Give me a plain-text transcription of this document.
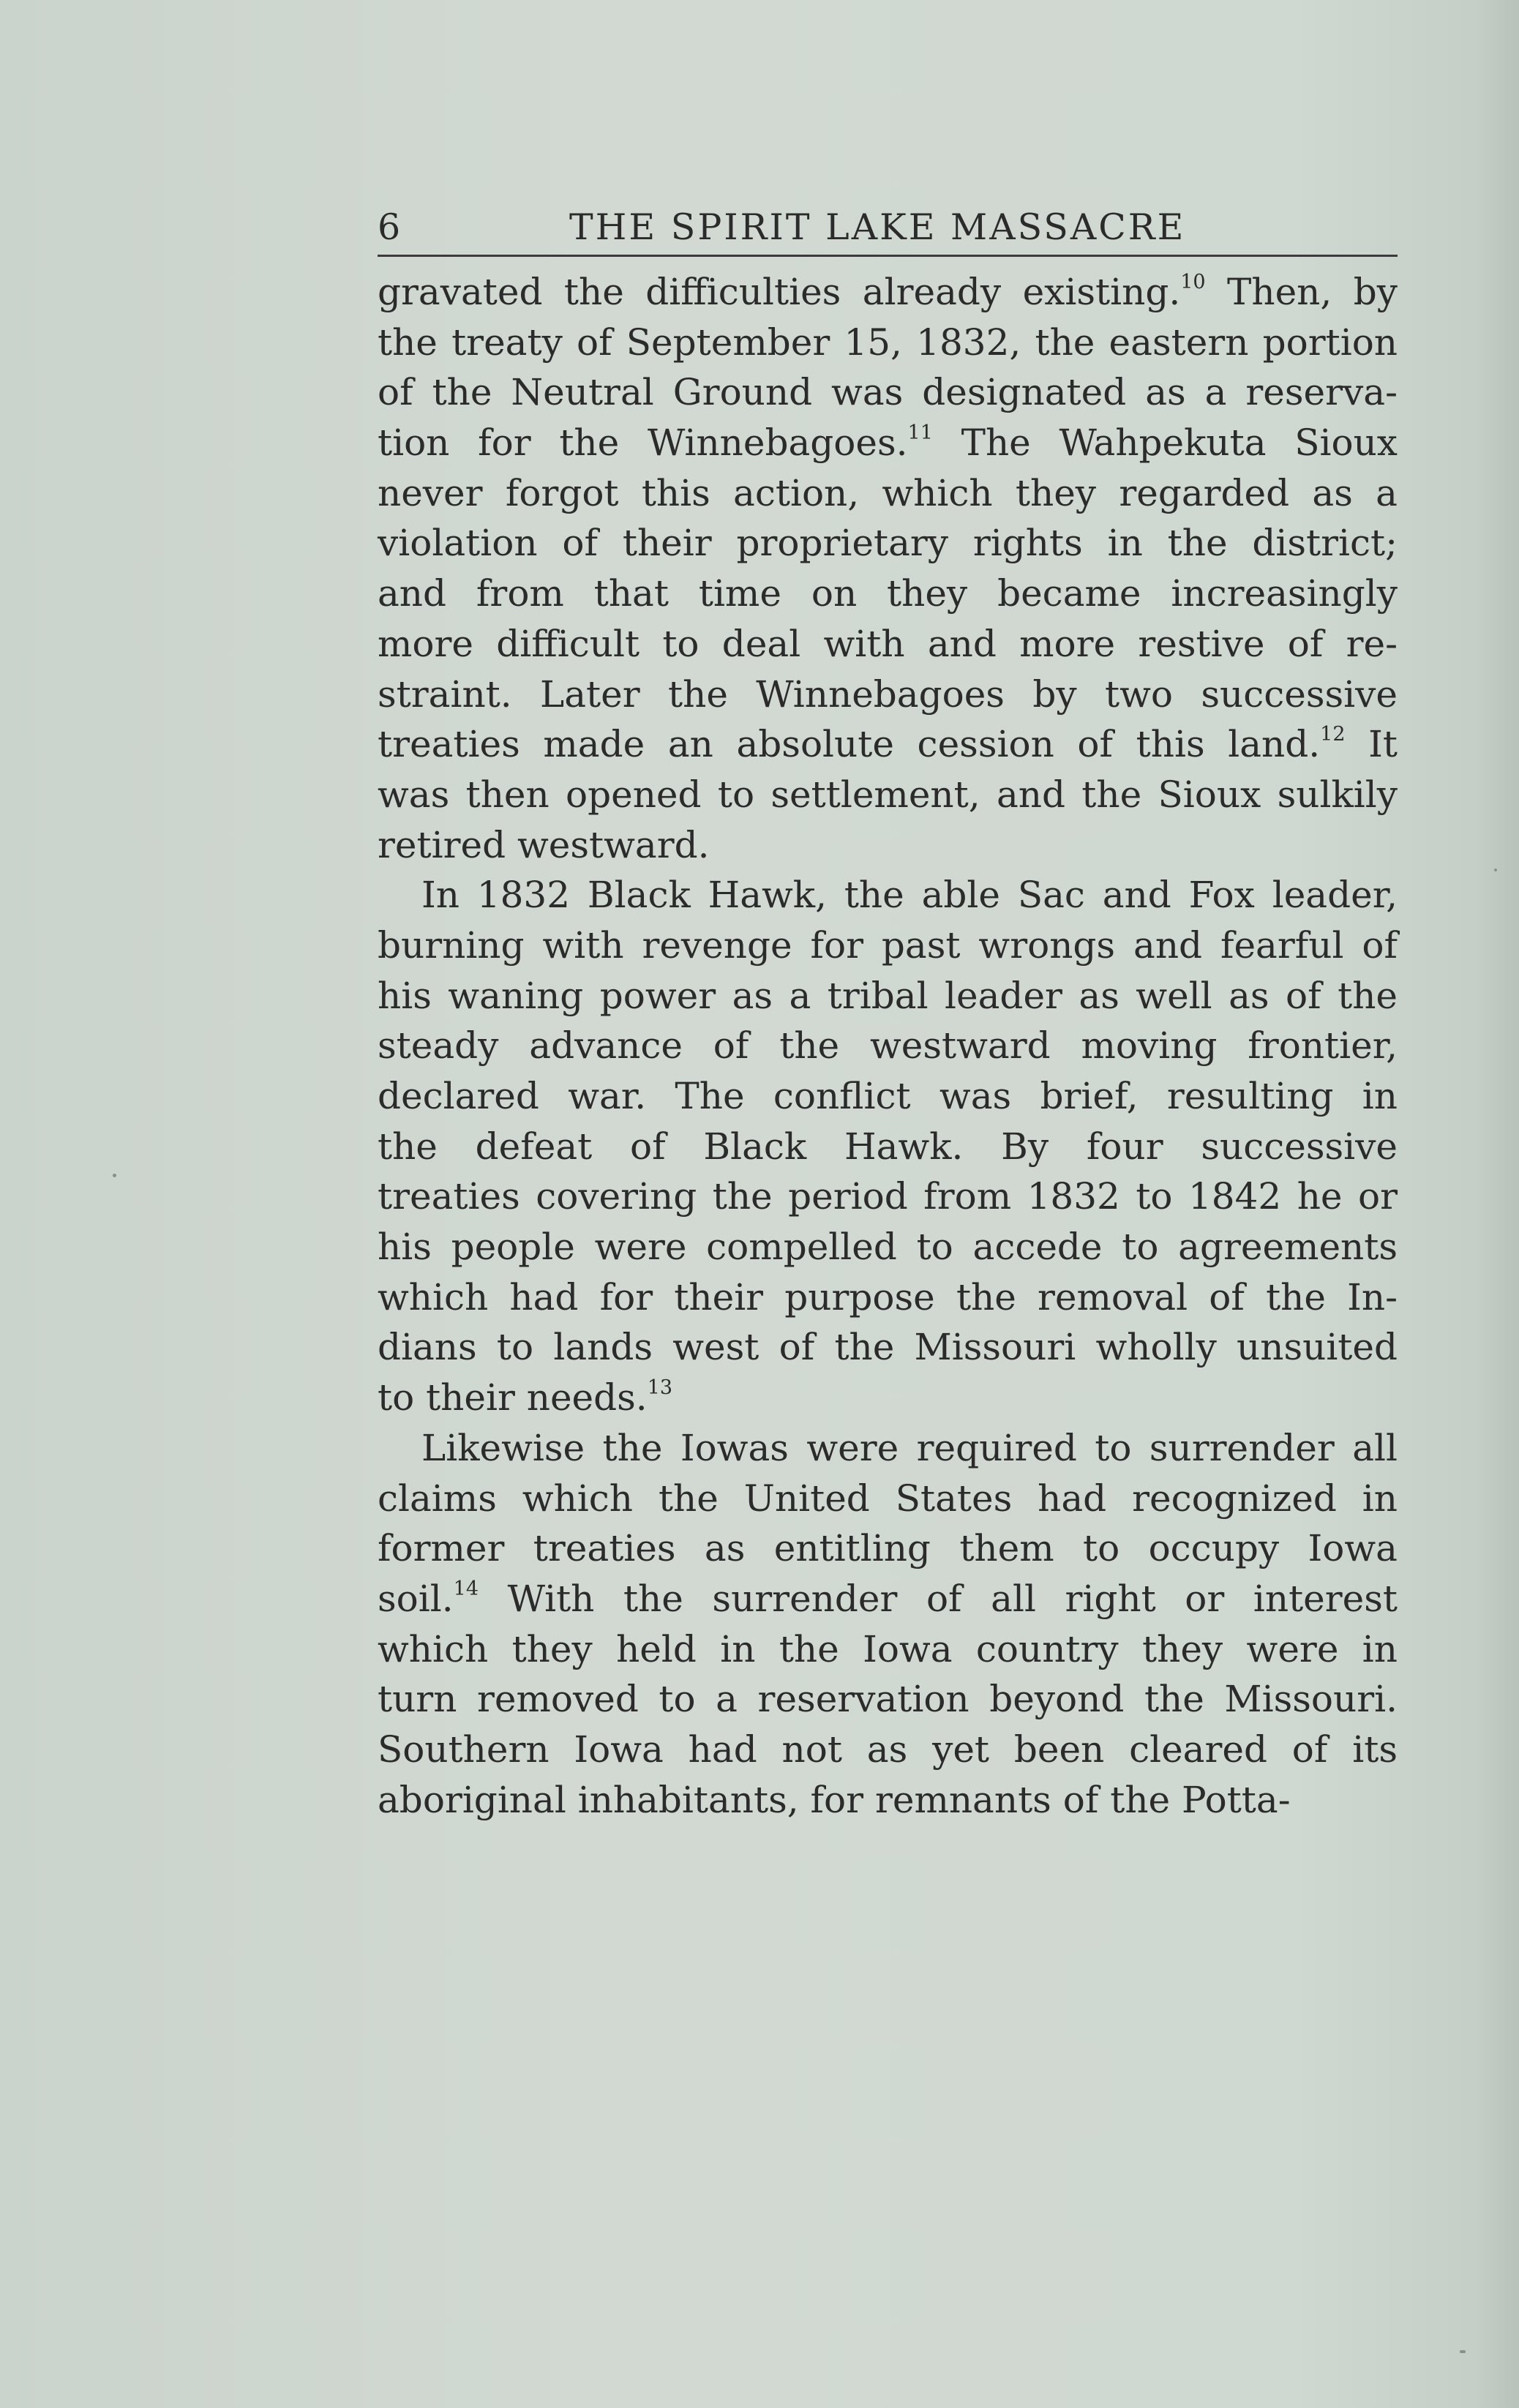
6	THE SPIRIT LAKE MASSACRE
gravated the difficulties already existing.$^{10}$ Then, by
the treaty of September 15, 1832, the eastern portion
of the Neutral Ground was designated as a reserva-
tion for the Winnebagoes.$^{11}$ The Wahpekuta Sioux
never forgot this action, which they regarded as a
violation of their proprietary rights in the district;
and from that time on they became increasingly
more difficult to deal with and more restive of re-
straint. Later the Winnebagoes by two successive
treaties made an absolute cession of this land.$^{12}$ It
was then opened to settlement, and the Sioux sulkily
retired westward.
In 1832 Black Hawk, the able Sac and Fox leader,
burning with revenge for past wrongs and fearful of
his waning power as a tribal leader as well as of the
steady advance of the westward moving frontier,
declared war. The conflict was brief, resulting in
the defeat of Black Hawk. By four successive
treaties covering the period from 1832 to 1842 he or
his people were compelled to accede to agreements
which had for their purpose the removal of the In-
dians to lands west of the Missouri wholly unsuited
to their needs.$^{13}$
Likewise the Iowas were required to surrender all
claims which the United States had recognized in
former treaties as entitling them to occupy Iowa
soil.$^{14}$ With the surrender of all right or interest
which they held in the Iowa country they were in
turn removed to a reservation beyond the Missouri.
Southern Iowa had not as yet been cleared of its
aboriginal inhabitants, for remnants of the Potta-
